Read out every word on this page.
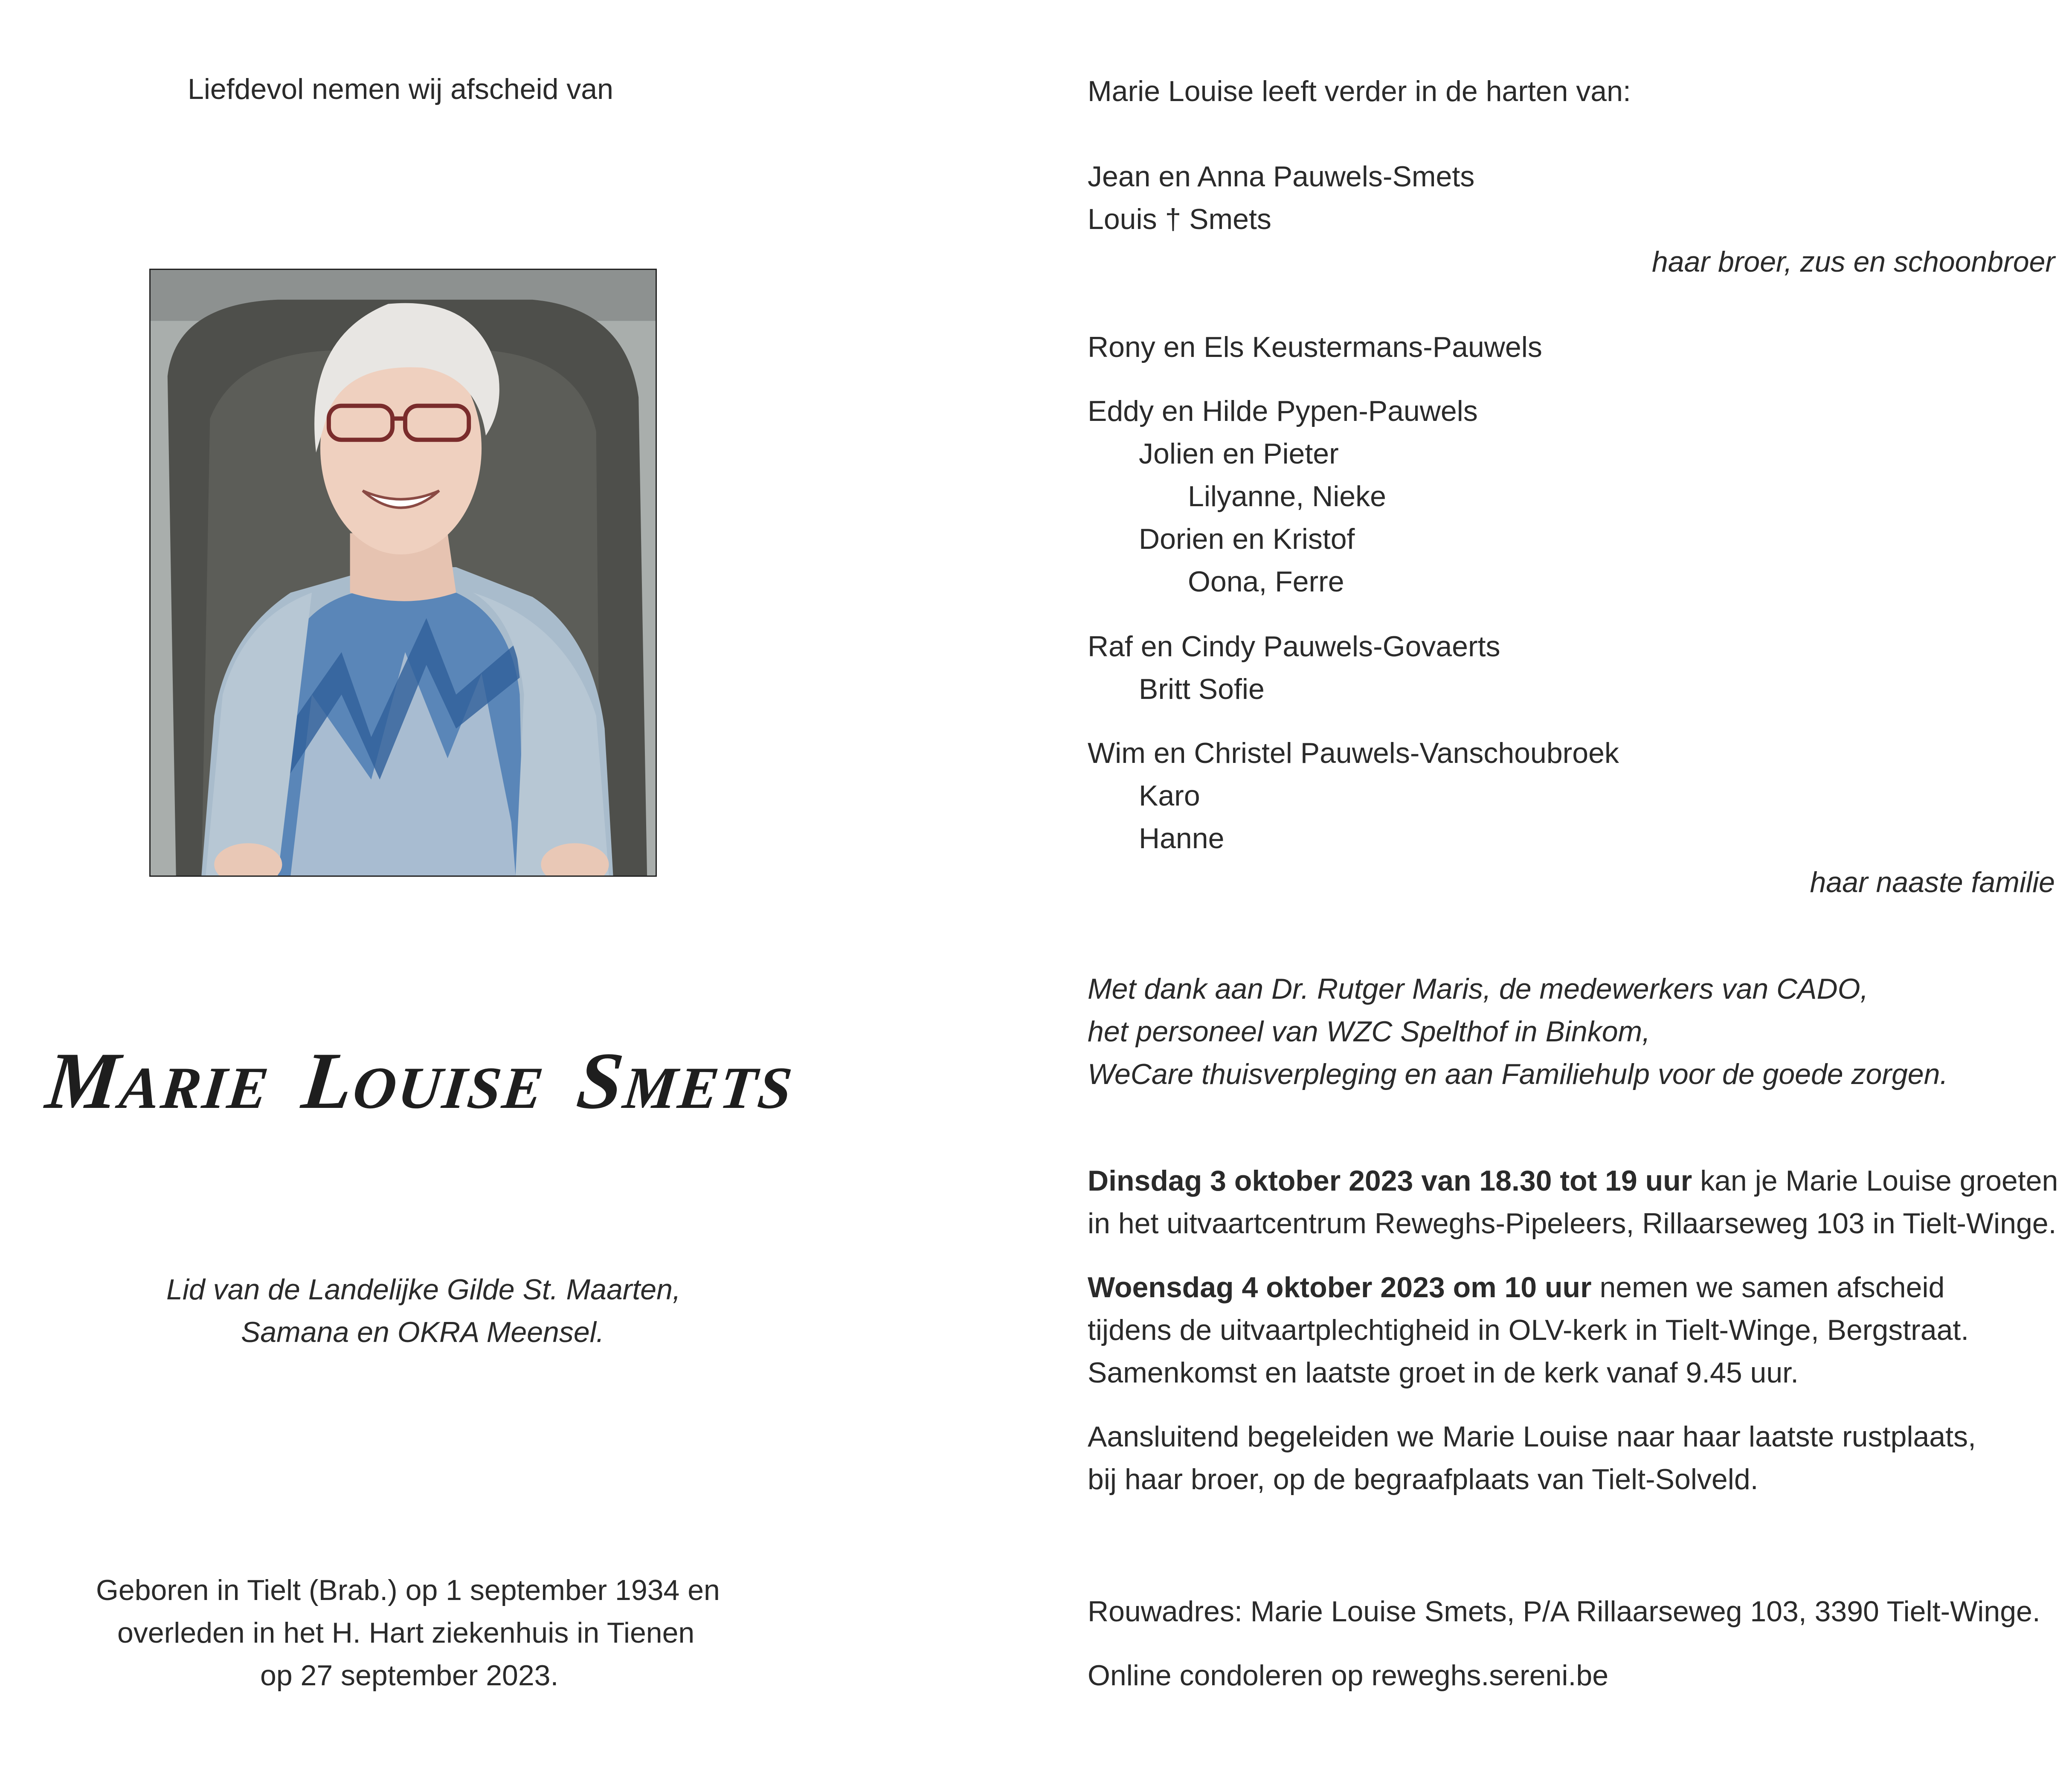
Liefdevol nemen wij afscheid van
MARIE LOUISE SMETS
Lid van de Landelijke Gilde St. Maarten,
Samana en OKRA Meensel.
Geboren in Tielt (Brab.) op 1 september 1934 en
overleden in het H. Hart ziekenhuis in Tienen
op 27 september 2023.
Marie Louise leeft verder in de harten van:
Jean en Anna Pauwels-Smets
Louis † Smets
haar broer, zus en schoonbroer
Rony en Els Keustermans-Pauwels
Eddy en Hilde Pypen-Pauwels
Jolien en Pieter
Lilyanne, Nieke
Dorien en Kristof
Oona, Ferre
Raf en Cindy Pauwels-Govaerts
Britt Sofie
Wim en Christel Pauwels-Vanschoubroek
Karo
Hanne
haar naaste familie
Met dank aan Dr. Rutger Maris, de medewerkers van CADO,
het personeel van WZC Spelthof in Binkom,
WeCare thuisverpleging en aan Familiehulp voor de goede zorgen.
Dinsdag 3 oktober 2023 van 18.30 tot 19 uur kan je Marie Louise groeten
in het uitvaartcentrum Reweghs-Pipeleers, Rillaarseweg 103 in Tielt-Winge.
Woensdag 4 oktober 2023 om 10 uur nemen we samen afscheid
tijdens de uitvaartplechtigheid in OLV-kerk in Tielt-Winge, Bergstraat.
Samenkomst en laatste groet in de kerk vanaf 9.45 uur.
Aansluitend begeleiden we Marie Louise naar haar laatste rustplaats,
bij haar broer, op de begraafplaats van Tielt-Solveld.
Rouwadres: Marie Louise Smets, P/A Rillaarseweg 103, 3390 Tielt-Winge.
Online condoleren op reweghs.sereni.be
